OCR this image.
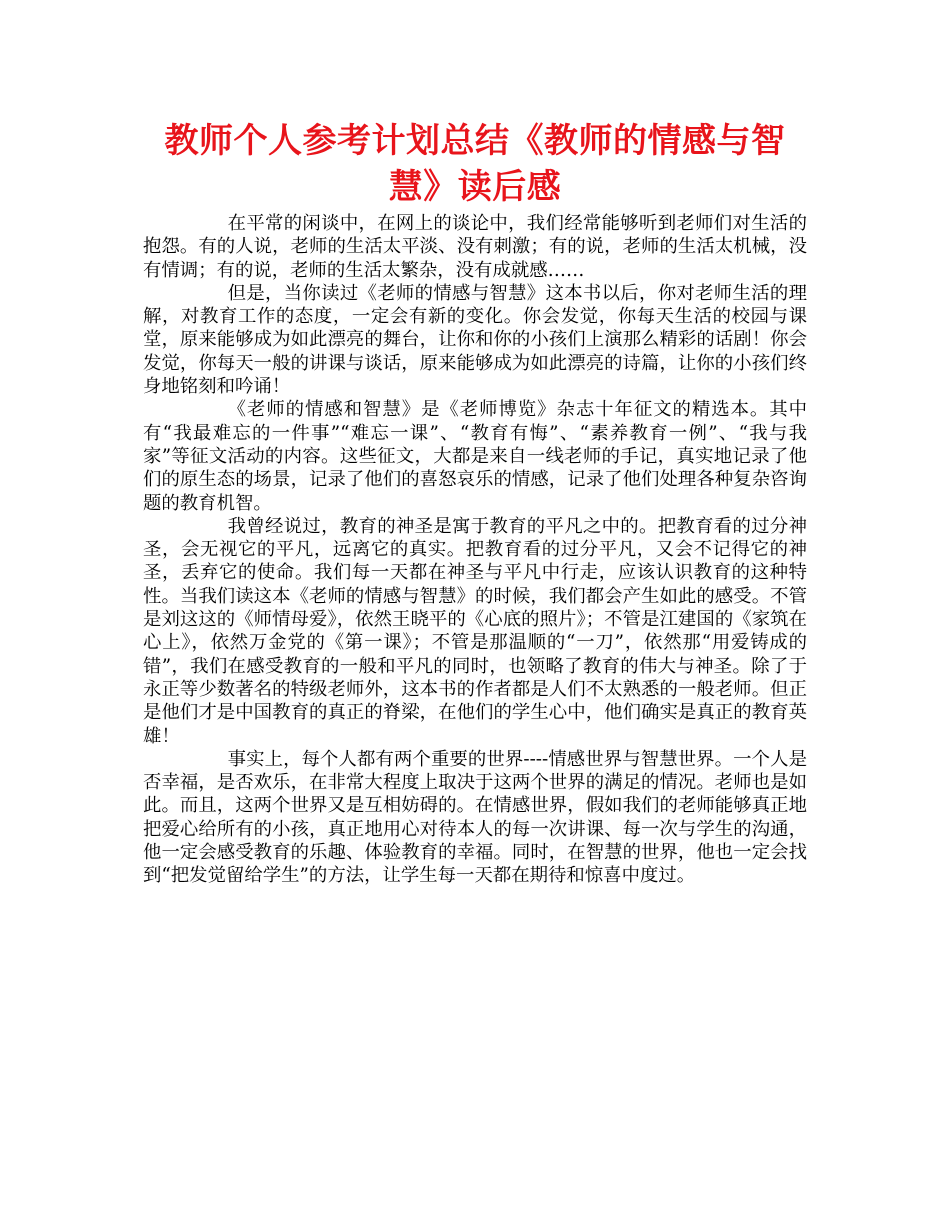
教师个人参考计划总结《教师的情感与智慧》读后感

在平常的闲谈中，在网上的谈论中，我们经常能够听到老师们对生活的抱怨。有的人说，老师的生活太平淡、没有刺激；有的说，老师的生活太机械，没有情调；有的说，老师的生活太繁杂，没有成就感……

但是，当你读过《老师的情感与智慧》这本书以后，你对老师生活的理解，对教育工作的态度，一定会有新的变化。你会发觉，你每天生活的校园与课堂，原来能够成为如此漂亮的舞台，让你和你的小孩们上演那么精彩的话剧！你会发觉，你每天一般的讲课与谈话，原来能够成为如此漂亮的诗篇，让你的小孩们终身地铭刻和吟诵！

《老师的情感和智慧》是《老师博览》杂志十年征文的精选本。其中有“我最难忘的一件事”“难忘一课”、“教育有悔”、“素养教育一例”、“我与我家”等征文活动的内容。这些征文，大都是来自一线老师的手记，真实地记录了他们的原生态的场景，记录了他们的喜怒哀乐的情感，记录了他们处理各种复杂咨询题的教育机智。

我曾经说过，教育的神圣是寓于教育的平凡之中的。把教育看的过分神圣，会无视它的平凡，远离它的真实。把教育看的过分平凡，又会不记得它的神圣，丢弃它的使命。我们每一天都在神圣与平凡中行走，应该认识教育的这种特性。当我们读这本《老师的情感与智慧》的时候，我们都会产生如此的感受。不管是刘这这的《师情母爱》，依然王晓平的《心底的照片》；不管是江建国的《家筑在心上》，依然万金党的《第一课》；不管是那温顺的“一刀”，依然那“用爱铸成的错”，我们在感受教育的一般和平凡的同时，也领略了教育的伟大与神圣。除了于永正等少数著名的特级老师外，这本书的作者都是人们不太熟悉的一般老师。但正是他们才是中国教育的真正的脊梁，在他们的学生心中，他们确实是真正的教育英雄！

事实上，每个人都有两个重要的世界----情感世界与智慧世界。一个人是否幸福，是否欢乐，在非常大程度上取决于这两个世界的满足的情况。老师也是如此。而且，这两个世界又是互相妨碍的。在情感世界，假如我们的老师能够真正地把爱心给所有的小孩，真正地用心对待本人的每一次讲课、每一次与学生的沟通，他一定会感受教育的乐趣、体验教育的幸福。同时，在智慧的世界，他也一定会找到“把发觉留给学生”的方法，让学生每一天都在期待和惊喜中度过。
